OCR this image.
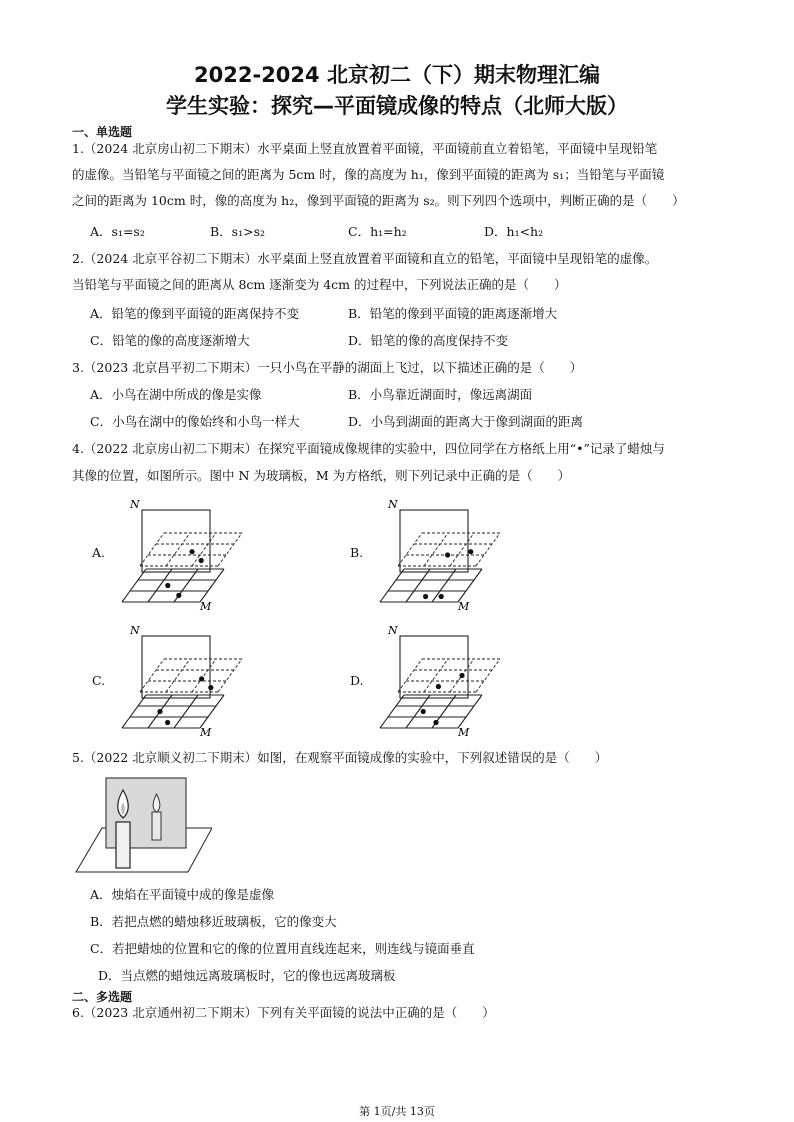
2022-2024 北京初二（下）期末物理汇编
学生实验：探究—平面镜成像的特点（北师大版）
一、单选题
1.（2024 北京房山初二下期末）水平桌面上竖直放置着平面镜，平面镜前直立着铅笔，平面镜中呈现铅笔
的虚像。当铅笔与平面镜之间的距离为 5cm 时，像的高度为 h₁，像到平面镜的距离为 s₁；当铅笔与平面镜
之间的距离为 10cm 时，像的高度为 h₂，像到平面镜的距离为 s₂。则下列四个选项中，判断正确的是（　　）
A．s₁=s₂	B．s₁>s₂	C．h₁=h₂	D．h₁<h₂
2.（2024 北京平谷初二下期末）水平桌面上竖直放置着平面镜和直立的铅笔，平面镜中呈现铅笔的虚像。
当铅笔与平面镜之间的距离从 8cm 逐渐变为 4cm 的过程中，下列说法正确的是（　　）
A．铅笔的像到平面镜的距离保持不变	B．铅笔的像到平面镜的距离逐渐增大
C．铅笔的像的高度逐渐增大	D．铅笔的像的高度保持不变
3.（2023 北京昌平初二下期末）一只小鸟在平静的湖面上飞过，以下描述正确的是（　　）
A．小鸟在湖中所成的像是实像	B．小鸟靠近湖面时，像远离湖面
C．小鸟在湖中的像始终和小鸟一样大	D．小鸟到湖面的距离大于像到湖面的距离
4.（2022 北京房山初二下期末）在探究平面镜成像规律的实验中，四位同学在方格纸上用“•”记录了蜡烛与
其像的位置，如图所示。图中 N 为玻璃板，M 为方格纸，则下列记录中正确的是（　　）
A.	B.
C.	D.
N
M
N
M
N
M
N
M
5.（2022 北京顺义初二下期末）如图，在观察平面镜成像的实验中，下列叙述错误的是（　　）
A．烛焰在平面镜中成的像是虚像
B．若把点燃的蜡烛移近玻璃板，它的像变大
C．若把蜡烛的位置和它的像的位置用直线连起来，则连线与镜面垂直
D．当点燃的蜡烛远离玻璃板时，它的像也远离玻璃板
二、多选题
6.（2023 北京通州初二下期末）下列有关平面镜的说法中正确的是（　　）
第 1页/共 13页
